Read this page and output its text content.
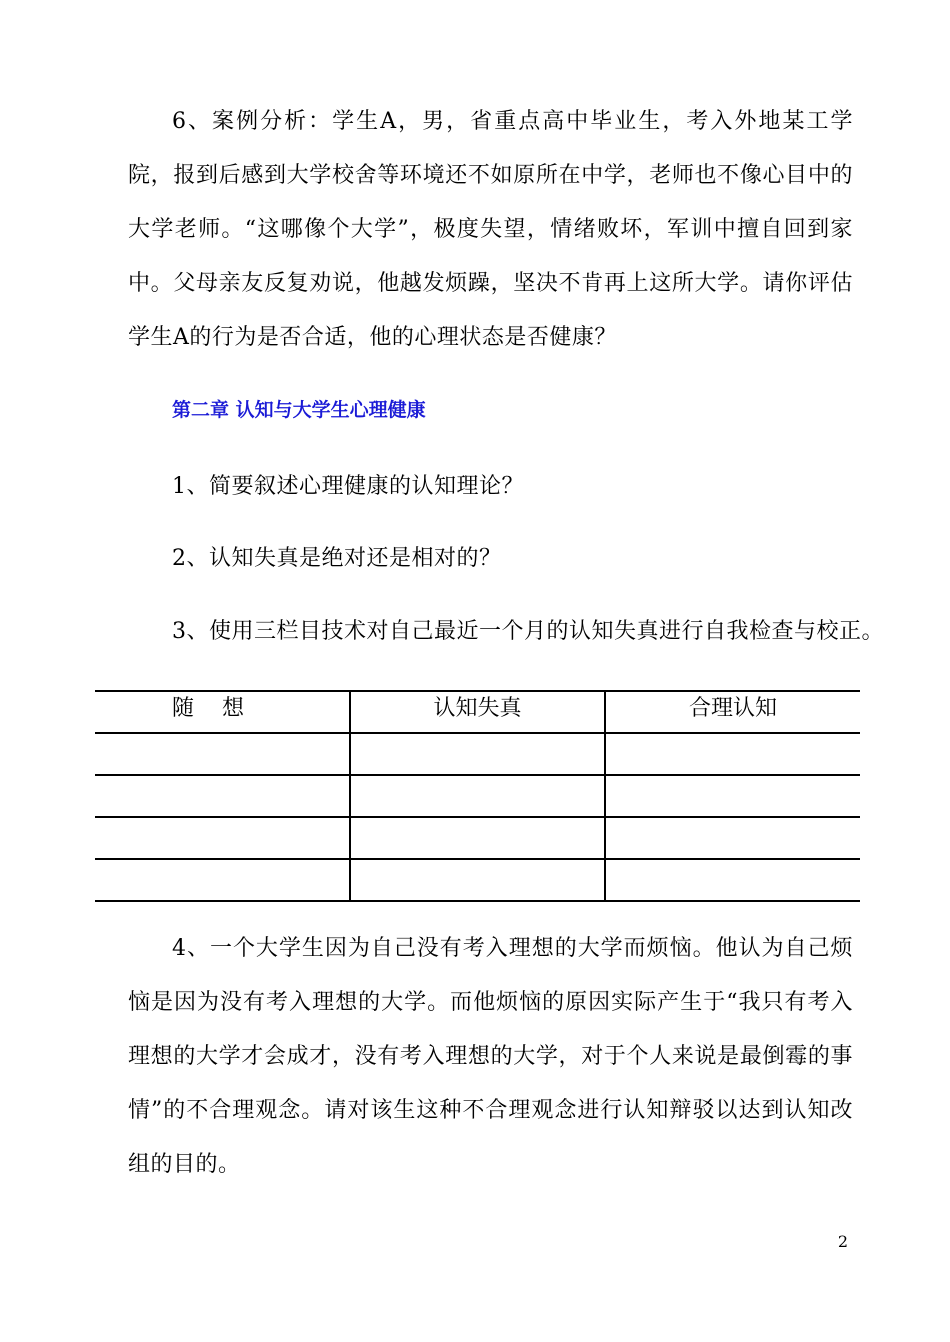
6、案例分析：学生A，男，省重点高中毕业生，考入外地某工学院，报到后感到大学校舍等环境还不如原所在中学，老师也不像心目中的大学老师。“这哪像个大学”，极度失望，情绪败坏，军训中擅自回到家中。父母亲友反复劝说，他越发烦躁，坚决不肯再上这所大学。请你评估学生A的行为是否合适，他的心理状态是否健康？

第二章 认知与大学生心理健康

1、简要叙述心理健康的认知理论？

2、认知失真是绝对还是相对的？

3、使用三栏目技术对自己最近一个月的认知失真进行自我检查与校正。

随想	认知失真	合理认知

4、一个大学生因为自己没有考入理想的大学而烦恼。他认为自己烦恼是因为没有考入理想的大学。而他烦恼的原因实际产生于“我只有考入理想的大学才会成才，没有考入理想的大学，对于个人来说是最倒霉的事情”的不合理观念。请对该生这种不合理观念进行认知辩驳以达到认知改组的目的。

2
